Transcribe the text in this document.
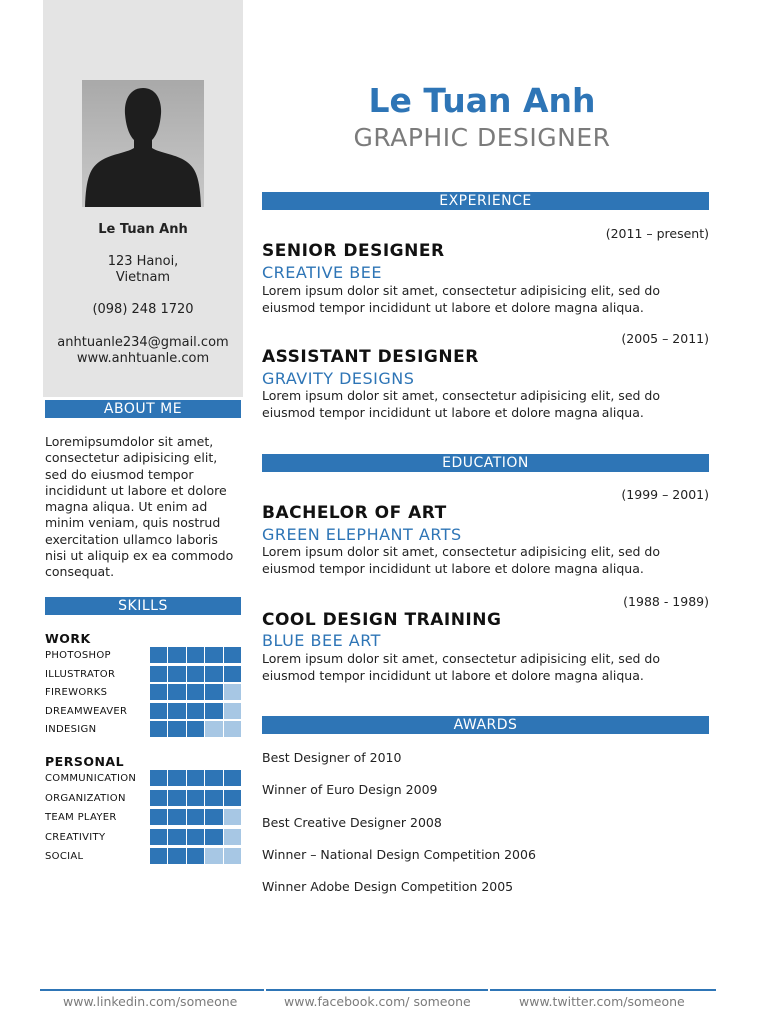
Le Tuan Anh
123 Hanoi,
Vietnam
(098) 248 1720
anhtuanle234@gmail.com
www.anhtuanle.com
ABOUT ME
Loremipsumdolor sit amet, consectetur adipisicing elit, sed do eiusmod tempor incididunt ut labore et dolore magna aliqua. Ut enim ad minim veniam, quis nostrud exercitation ullamco laboris nisi ut aliquip ex ea commodo consequat.
SKILLS
WORK
PHOTOSHOP
ILLUSTRATOR
FIREWORKS
DREAMWEAVER
INDESIGN
PERSONAL
COMMUNICATION
ORGANIZATION
TEAM PLAYER
CREATIVITY
SOCIAL
Le Tuan Anh
GRAPHIC DESIGNER
EXPERIENCE
(2011 – present)
SENIOR DESIGNER
CREATIVE BEE
Lorem ipsum dolor sit amet, consectetur adipisicing elit, sed do eiusmod tempor incididunt ut labore et dolore magna aliqua.
(2005 – 2011)
ASSISTANT DESIGNER
GRAVITY DESIGNS
Lorem ipsum dolor sit amet, consectetur adipisicing elit, sed do eiusmod tempor incididunt ut labore et dolore magna aliqua.
EDUCATION
(1999 – 2001)
BACHELOR OF ART
GREEN ELEPHANT ARTS
Lorem ipsum dolor sit amet, consectetur adipisicing elit, sed do eiusmod tempor incididunt ut labore et dolore magna aliqua.
(1988 - 1989)
COOL DESIGN TRAINING
BLUE BEE ART
Lorem ipsum dolor sit amet, consectetur adipisicing elit, sed do eiusmod tempor incididunt ut labore et dolore magna aliqua.
AWARDS
Best Designer of 2010
Winner of Euro Design 2009
Best Creative Designer 2008
Winner – National Design Competition 2006
Winner Adobe Design Competition 2005
www.linkedin.com/someone	www.facebook.com/ someone	www.twitter.com/someone
